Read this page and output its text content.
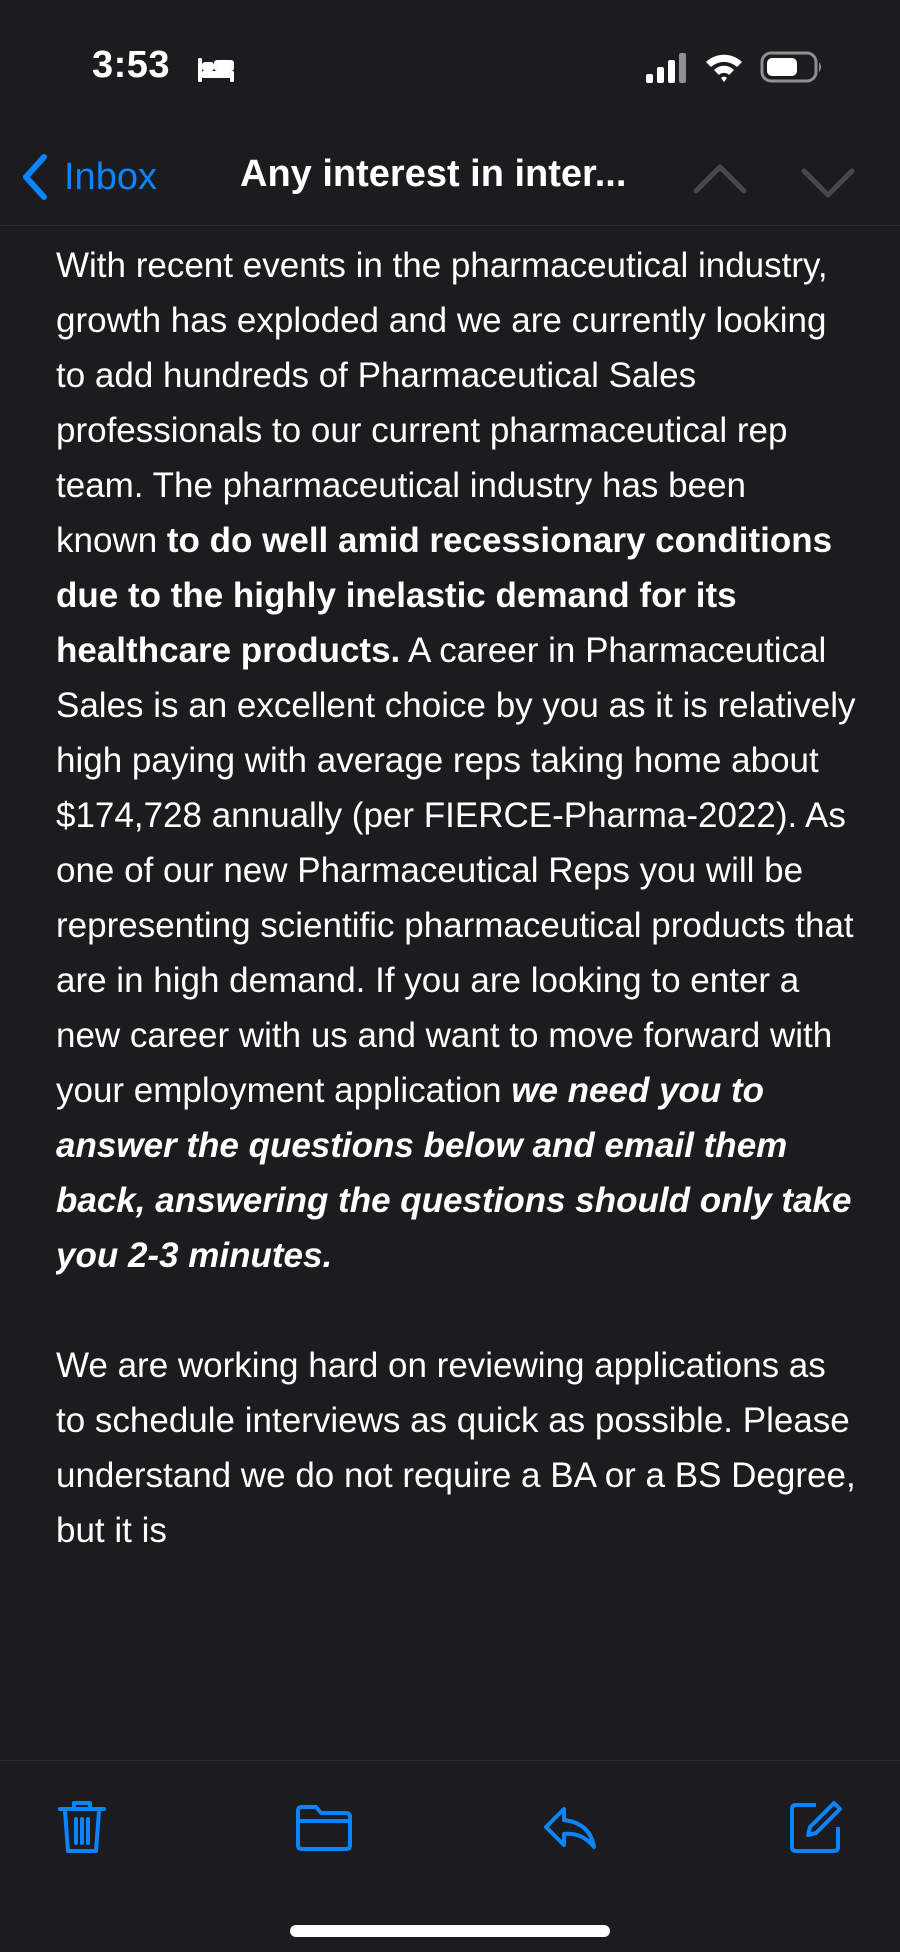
3:53
Inbox Any interest in inter...

With recent events in the pharmaceutical industry, growth has exploded and we are currently looking to add hundreds of Pharmaceutical Sales professionals to our current pharmaceutical rep team. The pharmaceutical industry has been known to do well amid recessionary conditions due to the highly inelastic demand for its healthcare products. A career in Pharmaceutical Sales is an excellent choice by you as it is relatively high paying with average reps taking home about $174,728 annually (per FIERCE-Pharma-2022). As one of our new Pharmaceutical Reps you will be representing scientific pharmaceutical products that are in high demand. If you are looking to enter a new career with us and want to move forward with your employment application we need you to answer the questions below and email them back, answering the questions should only take you 2-3 minutes.

We are working hard on reviewing applications as to schedule interviews as quick as possible. Please understand we do not require a BA or a BS Degree, but it is
